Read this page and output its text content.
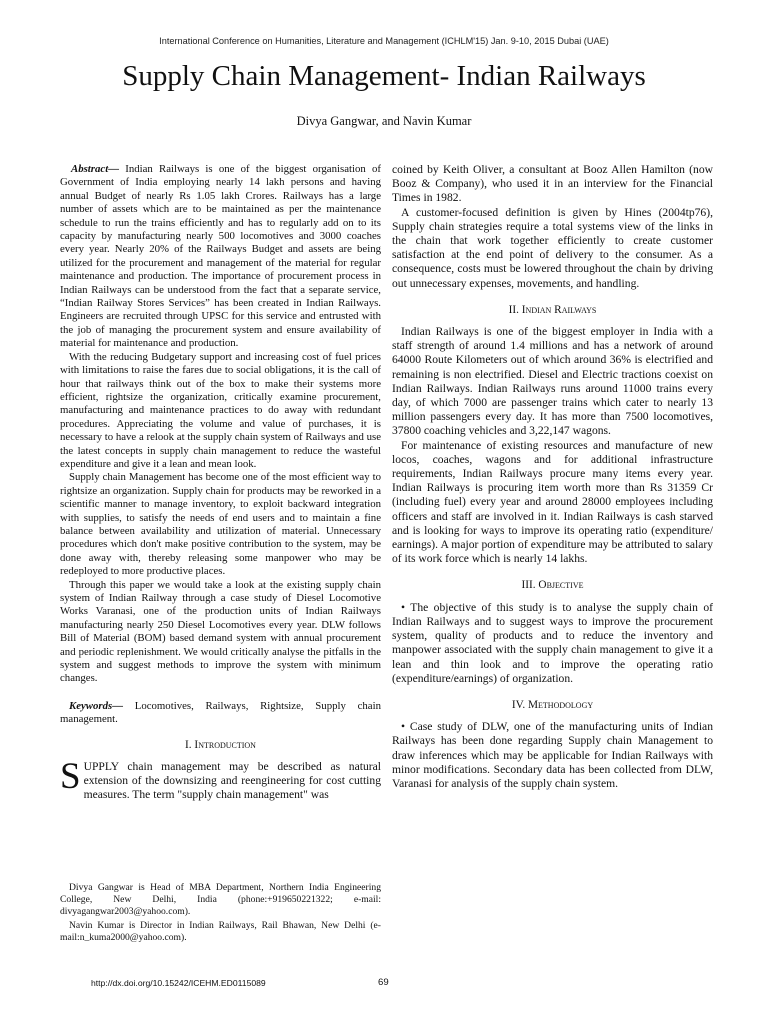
International Conference on Humanities, Literature and Management (ICHLM'15) Jan. 9-10, 2015 Dubai (UAE)
Supply Chain Management- Indian Railways
Divya Gangwar, and Navin Kumar

Abstract— Indian Railways is one of the biggest organisation of Government of India employing nearly 14 lakh persons and having annual Budget of nearly Rs 1.05 lakh Crores. Railways has a large number of assets which are to be maintained as per the maintenance schedule to run the trains efficiently and has to regularly add on to its capacity by manufacturing nearly 500 locomotives and 3000 coaches every year. Nearly 20% of the Railways Budget and assets are being utilized for the procurement and management of the material for regular maintenance and production. The importance of procurement process in Indian Railways can be understood from the fact that a separate service, “Indian Railway Stores Services” has been created in Indian Railways. Engineers are recruited through UPSC for this service and entrusted with the job of managing the procurement system and ensure availability of material for maintenance and production.

With the reducing Budgetary support and increasing cost of fuel prices with limitations to raise the fares due to social obligations, it is the call of hour that railways think out of the box to make their systems more efficient, rightsize the organization, critically examine procurement, manufacturing and maintenance practices to do away with redundant procedures. Appreciating the volume and value of purchases, it is necessary to have a relook at the supply chain system of Railways and use the latest concepts in supply chain management to reduce the wasteful expenditure and give it a lean and mean look.

Supply chain Management has become one of the most efficient way to rightsize an organization. Supply chain for products may be reworked in a scientific manner to manage inventory, to exploit backward integration with supplies, to satisfy the needs of end users and to maintain a fine balance between availability and utilization of material. Unnecessary procedures which don't make positive contribution to the system, may be done away with, thereby releasing some manpower who may be redeployed to more productive places.

Through this paper we would take a look at the existing supply chain system of Indian Railway through a case study of Diesel Locomotive Works Varanasi, one of the production units of Indian Railways manufacturing nearly 250 Diesel Locomotives every year. DLW follows Bill of Material (BOM) based demand system with annual procurement and periodic replenishment. We would critically analyse the pitfalls in the system and suggest methods to improve the system with minimum changes.

Keywords— Locomotives, Railways, Rightsize, Supply chain management.

I. Introduction

SUPPLY chain management may be described as natural extension of the downsizing and reengineering for cost cutting measures. The term "supply chain management" was

Divya Gangwar is Head of MBA Department, Northern India Engineering College, New Delhi, India (phone:+919650221322; e-mail: divyagangwar2003@yahoo.com).

Navin Kumar is Director in Indian Railways, Rail Bhawan, New Delhi (e-mail:n_kuma2000@yahoo.com).

coined by Keith Oliver, a consultant at Booz Allen Hamilton (now Booz & Company), who used it in an interview for the Financial Times in 1982.

A customer-focused definition is given by Hines (2004tp76), Supply chain strategies require a total systems view of the links in the chain that work together efficiently to create customer satisfaction at the end point of delivery to the consumer. As a consequence, costs must be lowered throughout the chain by driving out unnecessary expenses, movements, and handling.

II. Indian Railways

Indian Railways is one of the biggest employer in India with a staff strength of around 1.4 millions and has a network of around 64000 Route Kilometers out of which around 36% is electrified and remaining is non electrified. Diesel and Electric tractions coexist on Indian Railways. Indian Railways runs around 11000 trains every day, of which 7000 are passenger trains which cater to nearly 13 million passengers every day. It has more than 7500 locomotives, 37800 coaching vehicles and 3,22,147 wagons.

For maintenance of existing resources and manufacture of new locos, coaches, wagons and for additional infrastructure requirements, Indian Railways procure many items every year. Indian Railways is procuring item worth more than Rs 31359 Cr (including fuel) every year and around 28000 employees including officers and staff are involved in it. Indian Railways is cash starved and is looking for ways to improve its operating ratio (expenditure/ earnings). A major portion of expenditure may be attributed to salary of its work force which is nearly 14 lakhs.

III. Objective

• The objective of this study is to analyse the supply chain of Indian Railways and to suggest ways to improve the procurement system, quality of products and to reduce the inventory and manpower associated with the supply chain management to give it a lean and thin look and to improve the operating ratio (expenditure/earnings) of organization.

IV. Methodology

• Case study of DLW, one of the manufacturing units of Indian Railways has been done regarding Supply chain Management to draw inferences which may be applicable for Indian Railways with minor modifications. Secondary data has been collected from DLW, Varanasi for analysis of the supply chain system.

http://dx.doi.org/10.15242/ICEHM.ED0115089	69
